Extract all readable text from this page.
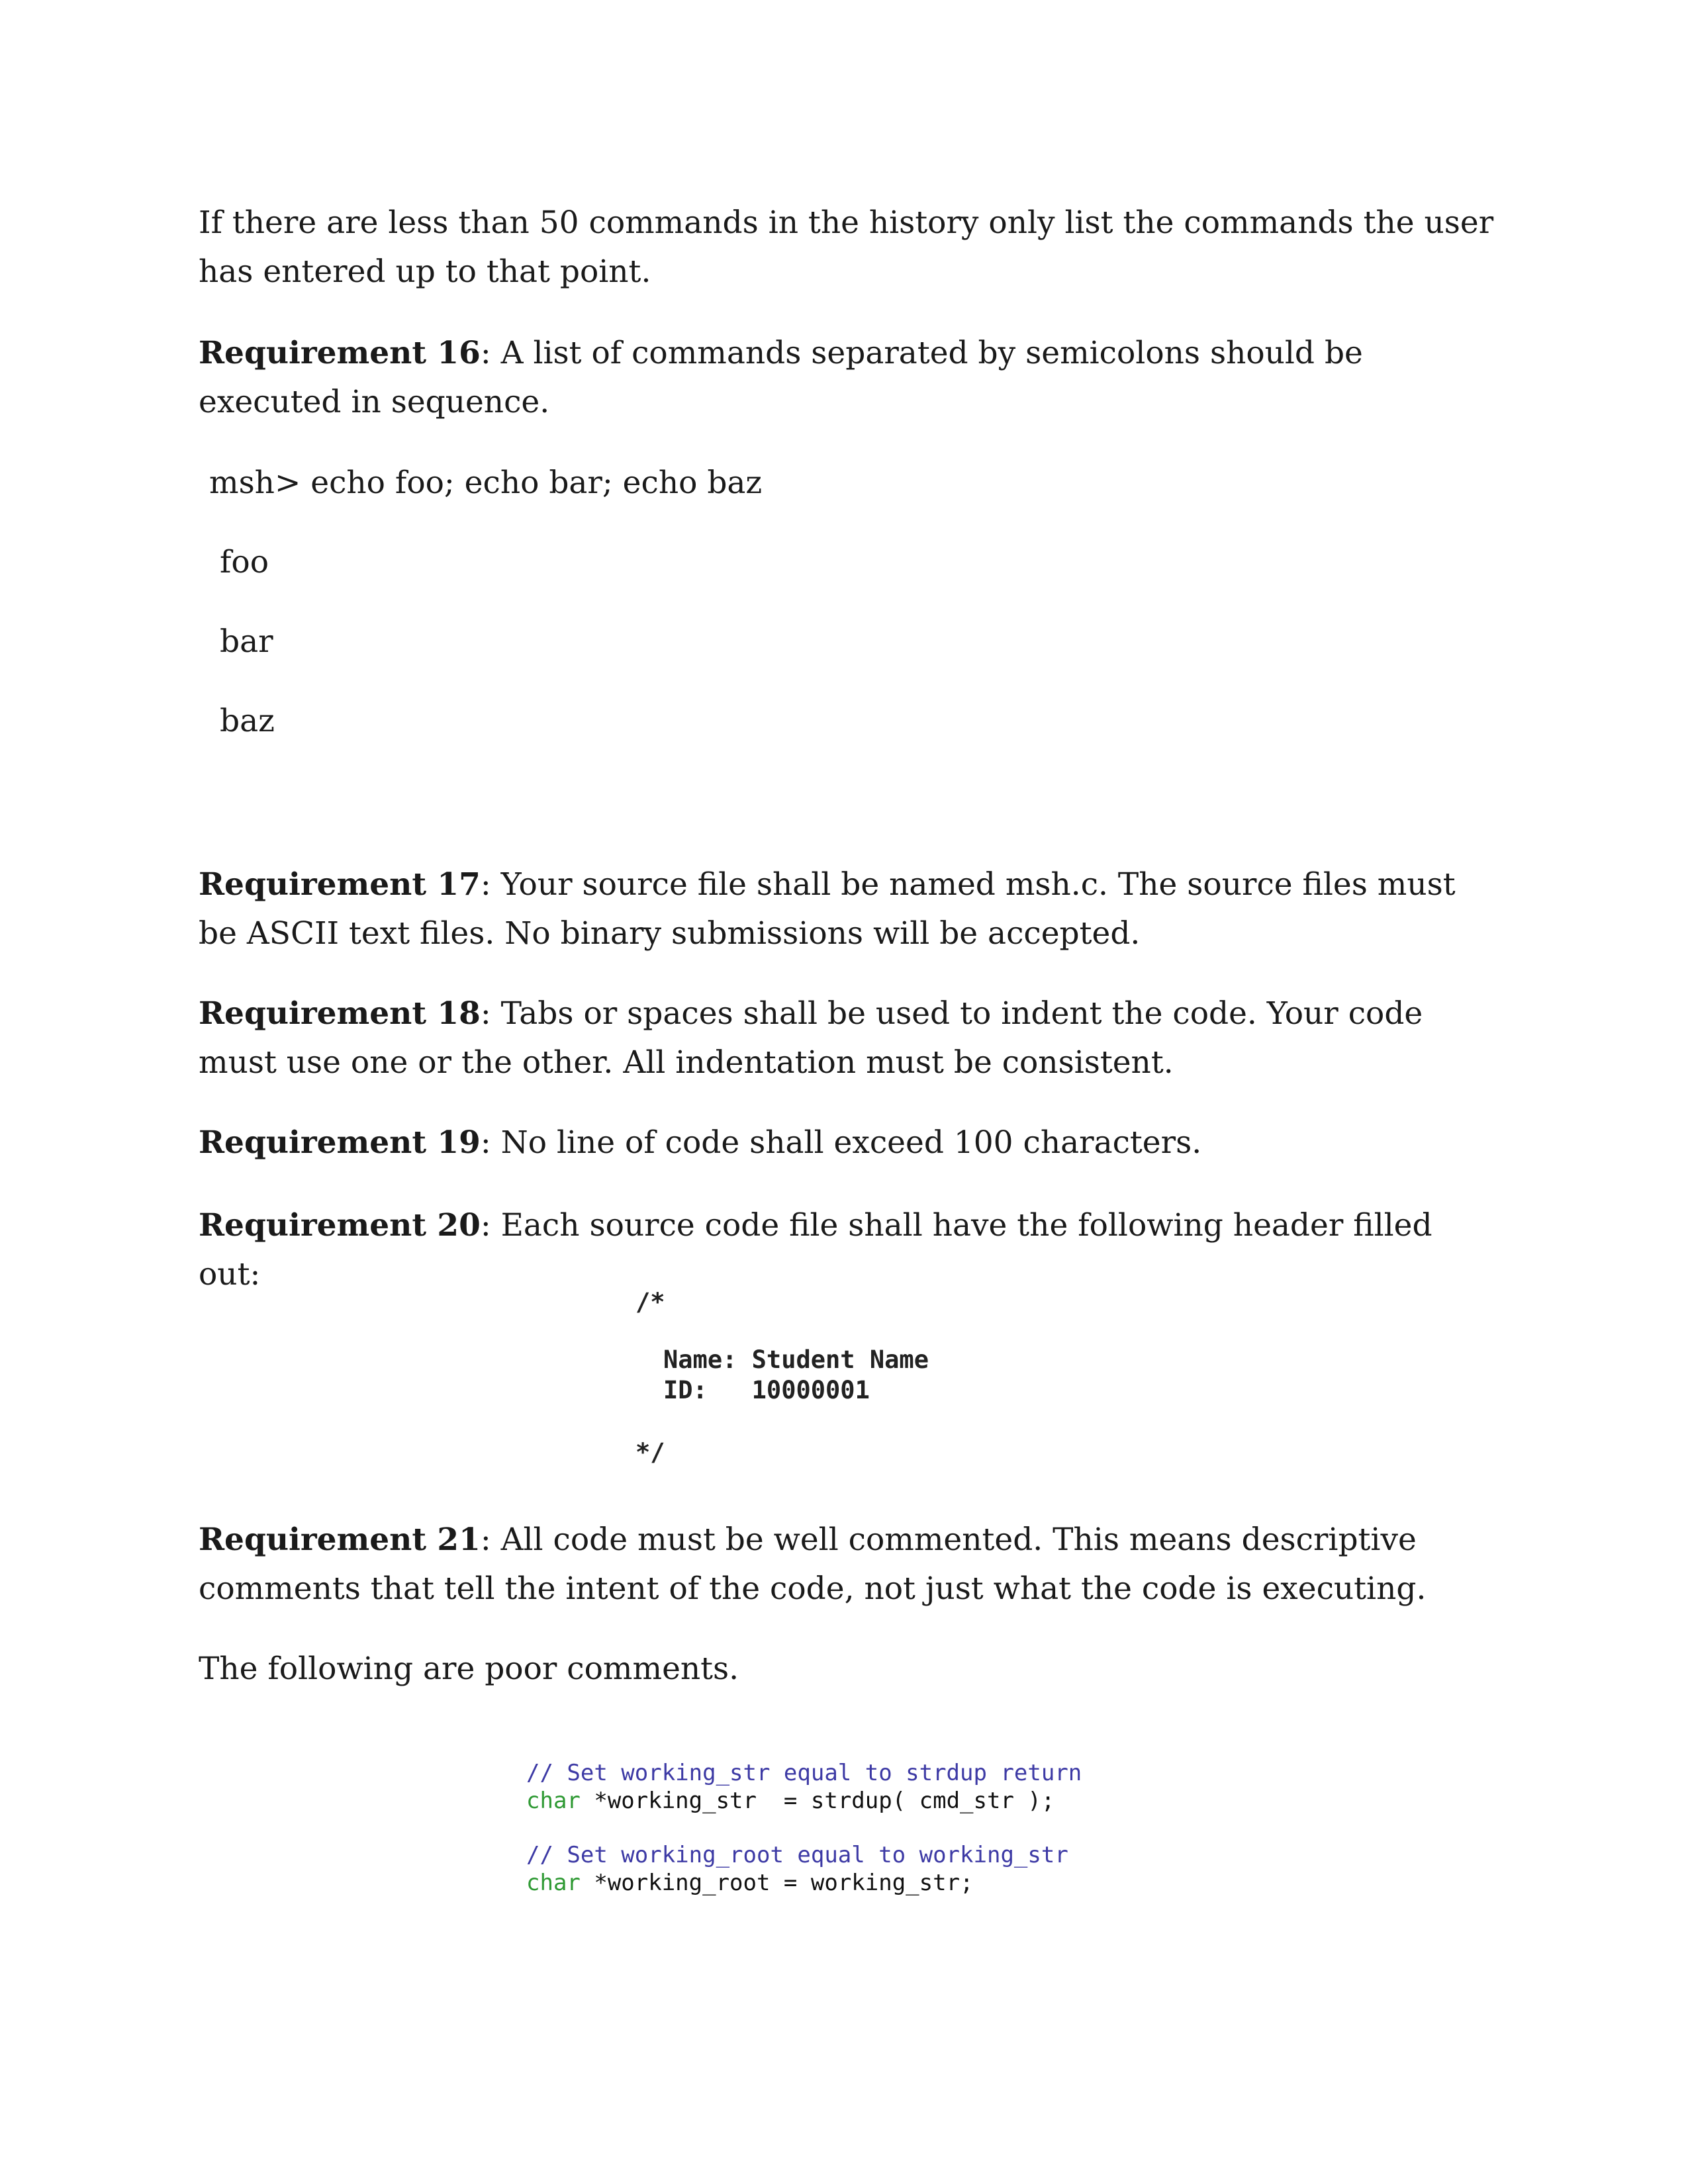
If there are less than 50 commands in the history only list the commands the user has entered up to that point.

Requirement 16: A list of commands separated by semicolons should be executed in sequence.

msh> echo foo; echo bar; echo baz

foo

bar

baz

Requirement 17: Your source file shall be named msh.c. The source files must be ASCII text files. No binary submissions will be accepted.

Requirement 18: Tabs or spaces shall be used to indent the code. Your code must use one or the other. All indentation must be consistent.

Requirement 19: No line of code shall exceed 100 characters.

Requirement 20: Each source code file shall have the following header filled out:

/*

Name: Student Name

ID:   10000001

*/

Requirement 21: All code must be well commented. This means descriptive comments that tell the intent of the code, not just what the code is executing.

The following are poor comments.

// Set working_str equal to strdup return

char *working_str  = strdup( cmd_str );

// Set working_root equal to working_str

char *working_root = working_str;
